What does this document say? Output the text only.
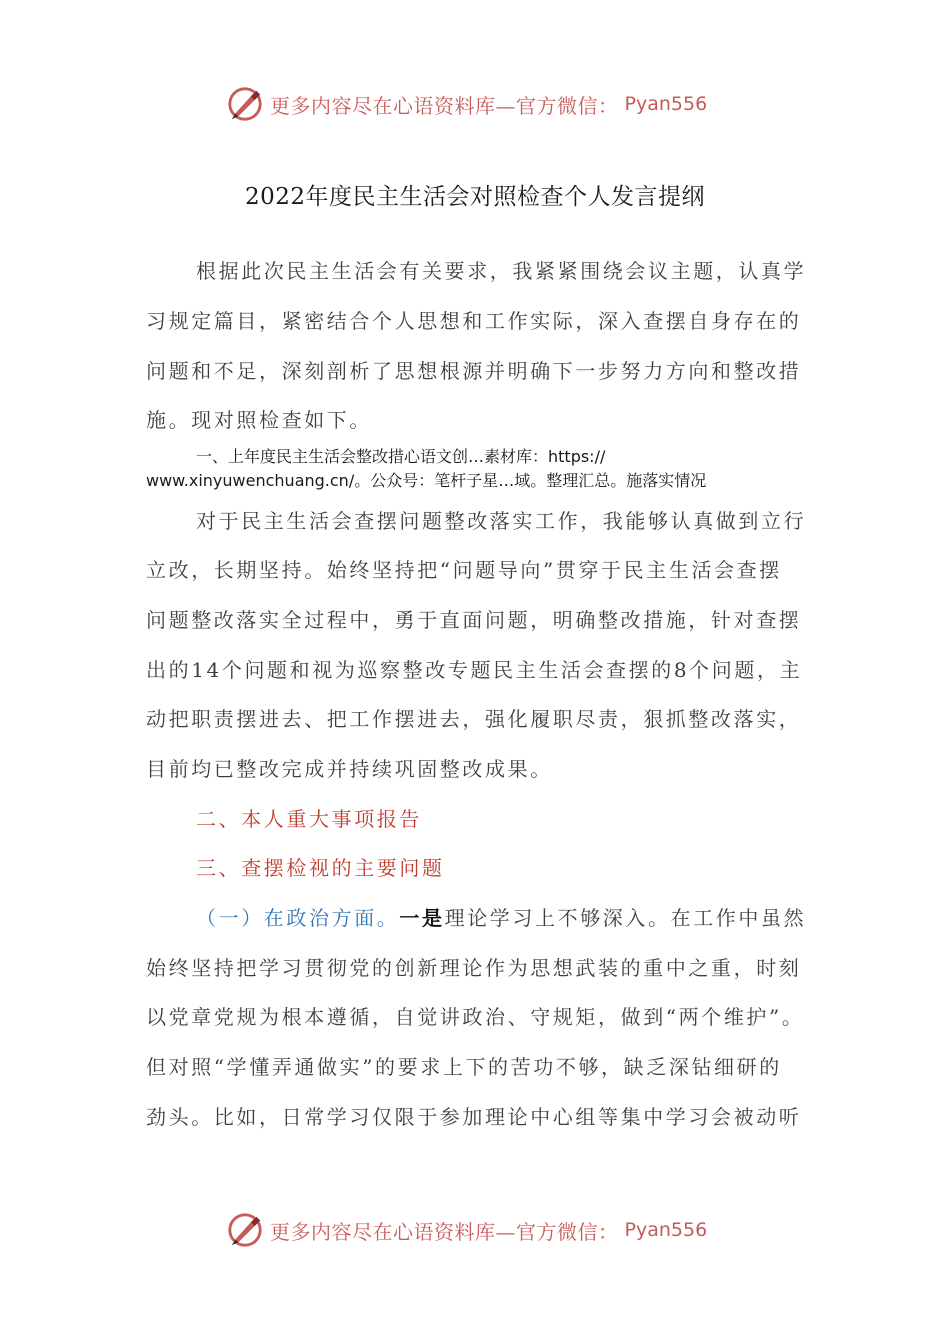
更多内容尽在心语资料库—官方微信： Pyan556
2022年度民主生活会对照检查个人发言提纲
根据此次民主生活会有关要求，我紧紧围绕会议主题，认真学
习规定篇目，紧密结合个人思想和工作实际，深入查摆自身存在的
问题和不足，深刻剖析了思想根源并明确下一步努力方向和整改措
施。现对照检查如下。
一、上年度民主生活会整改措心语文创…素材库：https://
www.xinyuwenchuang.cn/。公众号：笔杆子星…域。整理汇总。施落实情况
对于民主生活会查摆问题整改落实工作，我能够认真做到立行
立改，长期坚持。始终坚持把“问题导向”贯穿于民主生活会查摆
问题整改落实全过程中，勇于直面问题，明确整改措施，针对查摆
出的14个问题和视为巡察整改专题民主生活会查摆的8个问题，主
动把职责摆进去、把工作摆进去，强化履职尽责，狠抓整改落实，
目前均已整改完成并持续巩固整改成果。
二、本人重大事项报告
三、查摆检视的主要问题
（一）在政治方面。一是理论学习上不够深入。在工作中虽然
始终坚持把学习贯彻党的创新理论作为思想武装的重中之重，时刻
以党章党规为根本遵循，自觉讲政治、守规矩，做到“两个维护”。
但对照“学懂弄通做实”的要求上下的苦功不够，缺乏深钻细研的
劲头。比如，日常学习仅限于参加理论中心组等集中学习会被动听
更多内容尽在心语资料库—官方微信： Pyan556
